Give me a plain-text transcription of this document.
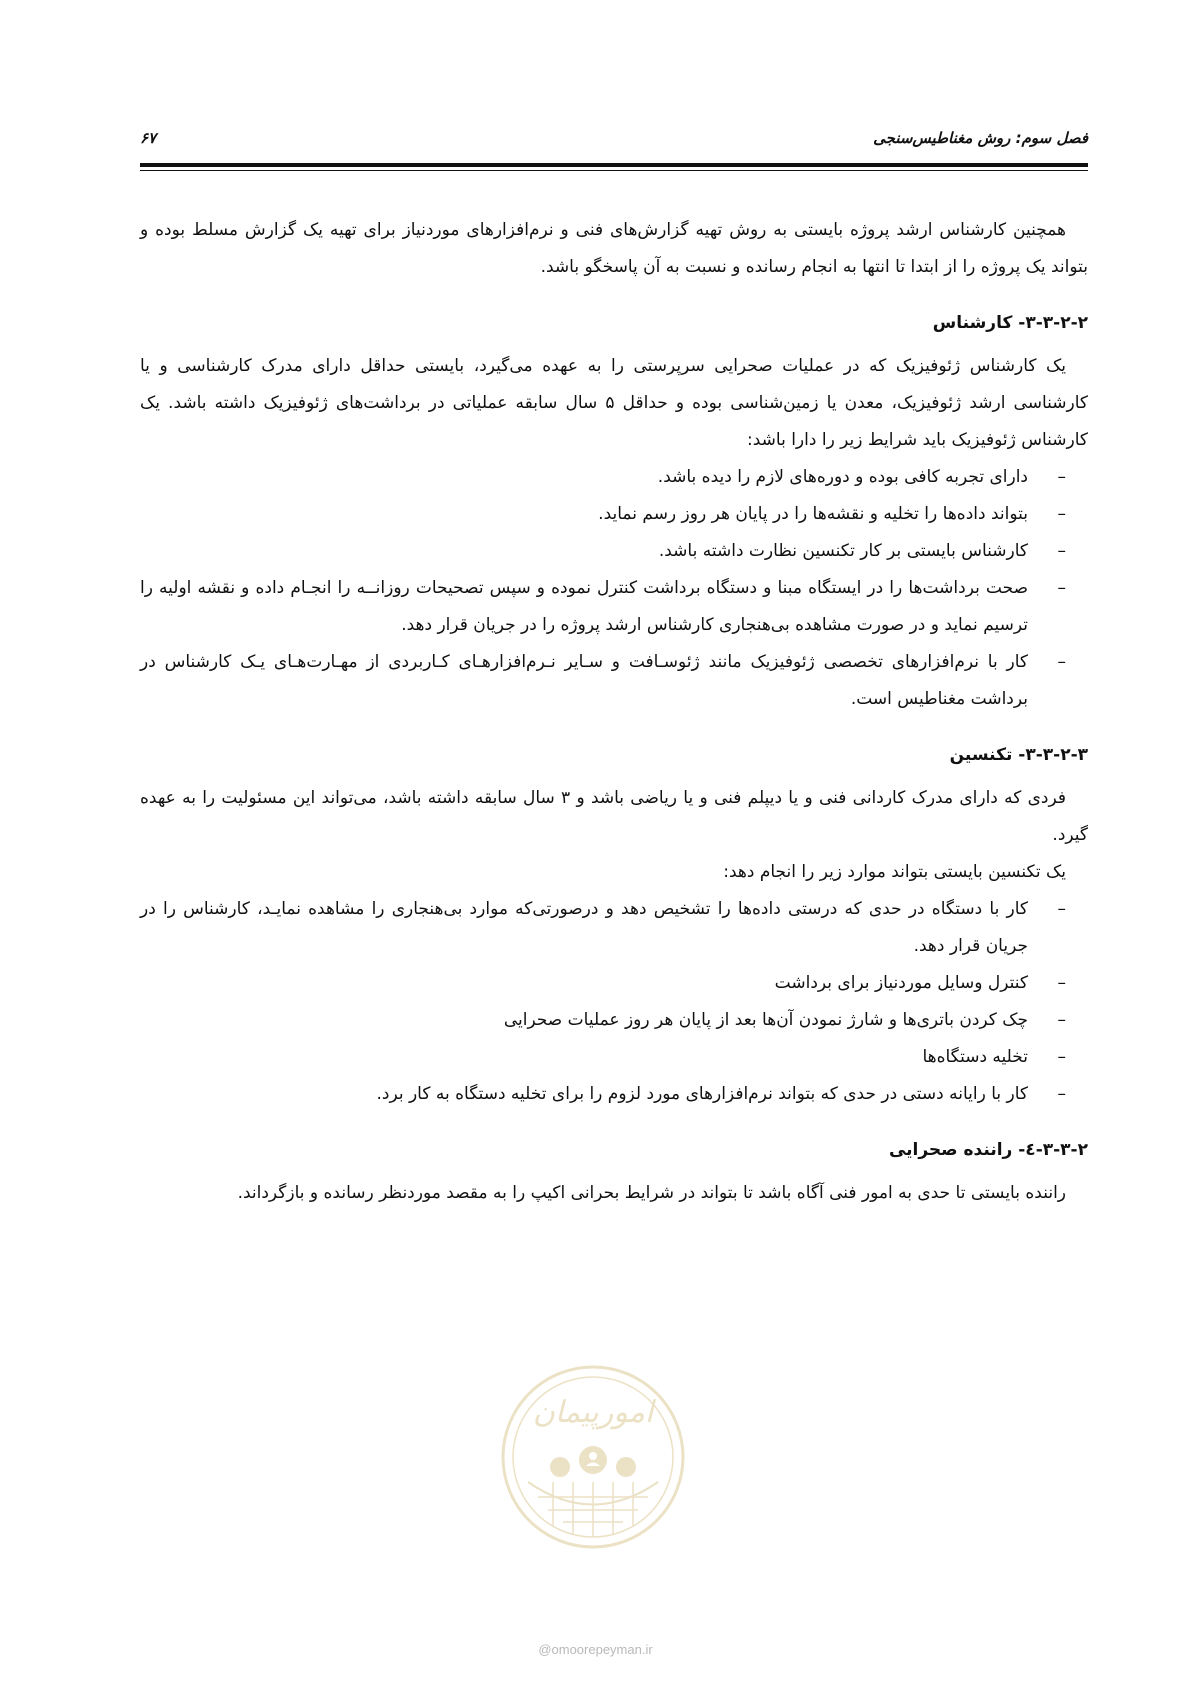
فصل سوم: روش مغناطیس‌سنجی
۶۷

همچنین کارشناس ارشد پروژه بایستی به روش تهیه گزارش‌های فنی و نرم‌افزارهای موردنیاز برای تهیه یک گزارش مسلط بوده و بتواند یک پروژه را از ابتدا تا انتها به انجام رسانده و نسبت به آن پاسخگو باشد.

۳-۳-۲-۲- کارشناس

یک کارشناس ژئوفیزیک که در عملیات صحرایی سرپرستی را به عهده می‌گیرد، بایستی حداقل دارای مدرک کارشناسی و یا کارشناسی ارشد ژئوفیزیک، معدن یا زمین‌شناسی بوده و حداقل ۵ سال سابقه عملیاتی در برداشت‌های ژئوفیزیک داشته باشد. یک کارشناس ژئوفیزیک باید شرایط زیر را دارا باشد:

– دارای تجربه کافی بوده و دوره‌های لازم را دیده باشد.
– بتواند داده‌ها را تخلیه و نقشه‌ها را در پایان هر روز رسم نماید.
– کارشناس بایستی بر کار تکنسین نظارت داشته باشد.
– صحت برداشت‌ها را در ایستگاه مبنا و دستگاه برداشت کنترل نموده و سپس تصحیحات روزانــه را انجـام داده و نقشه اولیه را ترسیم نماید و در صورت مشاهده بی‌هنجاری کارشناس ارشد پروژه را در جریان قرار دهد.
– کار با نرم‌افزارهای تخصصی ژئوفیزیک مانند ژئوسـافت و سـایر نـرم‌افزارهـای کـاربردی از مهـارت‌هـای یـک کارشناس در برداشت مغناطیس است.
۳-۳-۲-۳- تکنسین

فردی که دارای مدرک کاردانی فنی و یا دیپلم فنی و یا ریاضی باشد و ۳ سال سابقه داشته باشد، می‌تواند این مسئولیت را به عهده گیرد.

یک تکنسین بایستی بتواند موارد زیر را انجام دهد:

– کار با دستگاه در حدی که درستی داده‌ها را تشخیص دهد و درصورتی‌که موارد بی‌هنجاری را مشاهده نمایـد، کارشناس را در جریان قرار دهد.
– کنترل وسایل موردنیاز برای برداشت
– چک کردن باتری‌ها و شارژ نمودن آن‌ها بعد از پایان هر روز عملیات صحرایی
– تخلیه دستگاه‌ها
– کار با رایانه دستی در حدی که بتواند نرم‌افزارهای مورد لزوم را برای تخلیه دستگاه به کار برد.
۳-۳-۲-٤- راننده صحرایی

راننده بایستی تا حدی به امور فنی آگاه باشد تا بتواند در شرایط بحرانی اکیپ را به مقصد موردنظر رسانده و بازگرداند.

امورپیمان
@omoorepeyman.ir
